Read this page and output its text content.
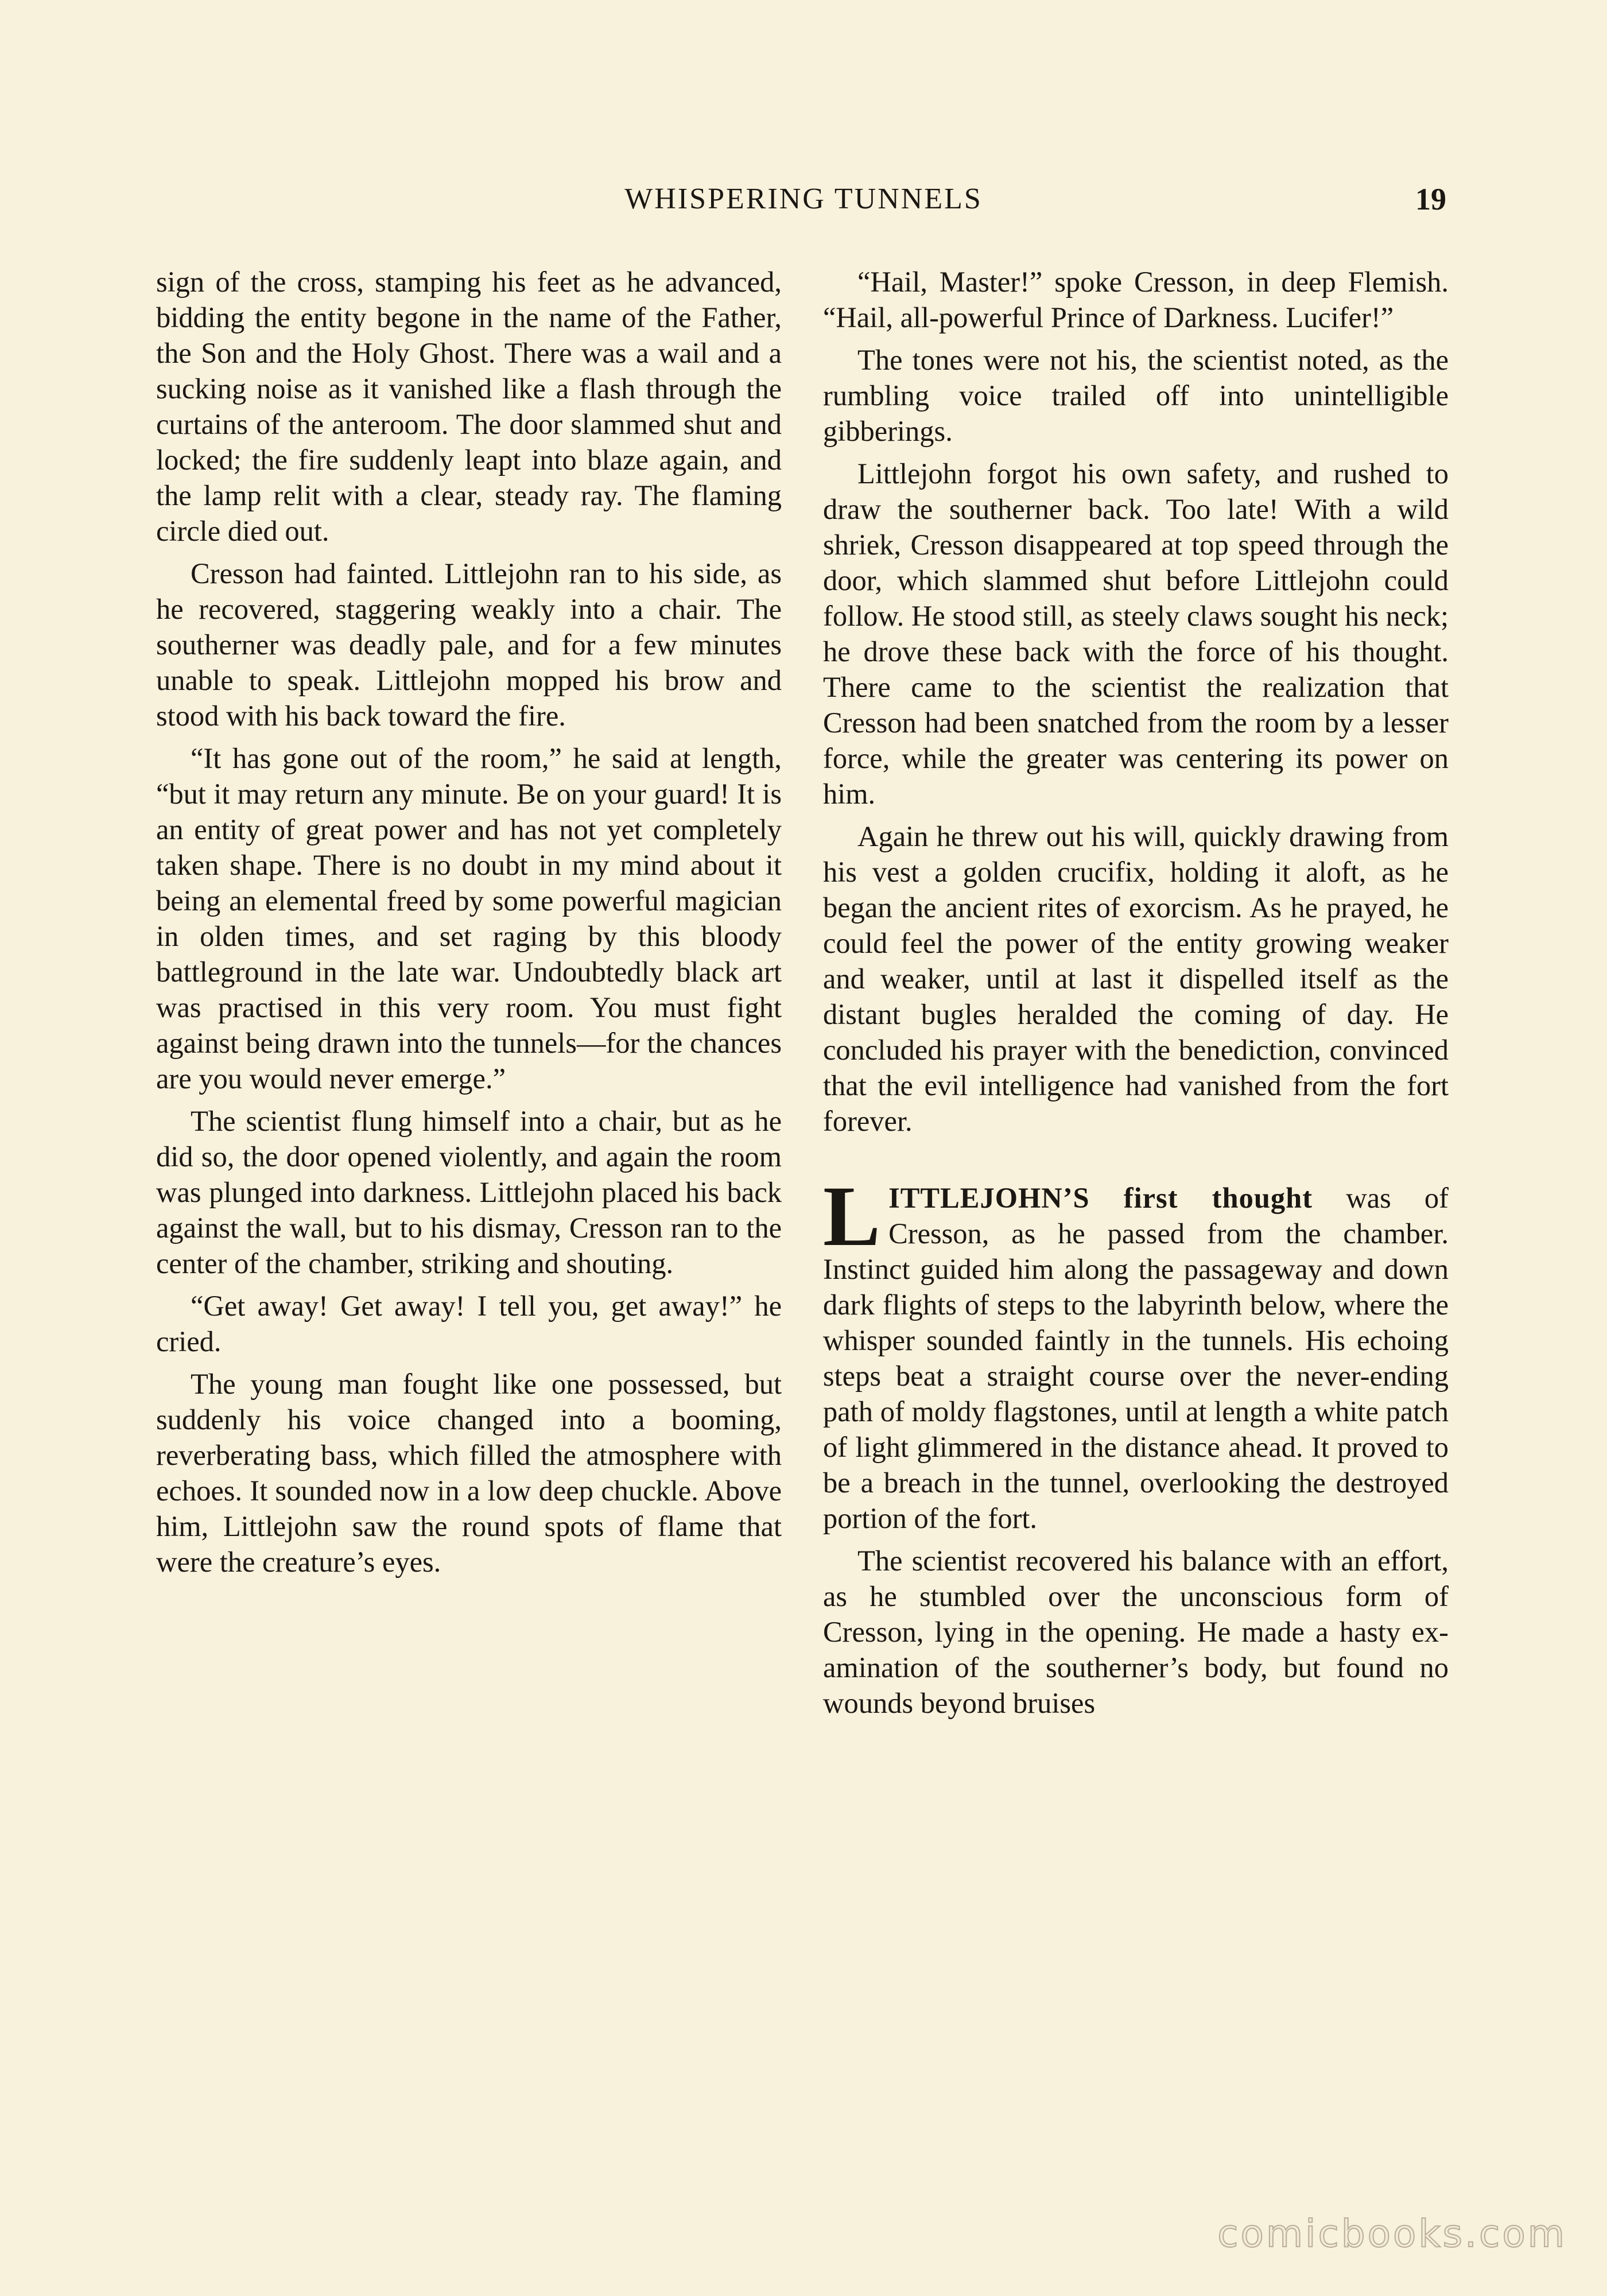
WHISPERING TUNNELS	19

sign of the cross, stamping his feet as he advanced, bidding the entity begone in the name of the Father, the Son and the Holy Ghost. There was a wail and a sucking noise as it vanished like a flash through the curtains of the anteroom. The door slammed shut and locked; the fire suddenly leapt into blaze again, and the lamp relit with a clear, steady ray. The flaming circle died out.

Cresson had fainted. Littlejohn ran to his side, as he recovered, staggering weakly into a chair. The southerner was deadly pale, and for a few minutes unable to speak. Littlejohn mopped his brow and stood with his back toward the fire.

“It has gone out of the room,” he said at length, “but it may return any minute. Be on your guard! It is an entity of great power and has not yet completely taken shape. There is no doubt in my mind about it being an elemental freed by some powerful magician in olden times, and set raging by this bloody battleground in the late war. Undoubtedly black art was practised in this very room. You must fight against being drawn into the tunnels—for the chances are you would never emerge.”

The scientist flung himself into a chair, but as he did so, the door opened violently, and again the room was plunged into darkness. Littlejohn placed his back against the wall, but to his dismay, Cresson ran to the center of the chamber, striking and shouting.

“Get away! Get away! I tell you, get away!” he cried.

The young man fought like one possessed, but suddenly his voice changed into a booming, reverberating bass, which filled the atmosphere with echoes. It sounded now in a low deep chuckle. Above him, Littlejohn saw the round spots of flame that were the creature’s eyes.

“Hail, Master!” spoke Cresson, in deep Flemish. “Hail, all-powerful Prince of Darkness. Lucifer!”

The tones were not his, the scientist noted, as the rumbling voice trailed off into unintelligible gibberings.

Littlejohn forgot his own safety, and rushed to draw the southerner back. Too late! With a wild shriek, Cresson disappeared at top speed through the door, which slammed shut before Littlejohn could follow. He stood still, as steely claws sought his neck; he drove these back with the force of his thought. There came to the scientist the realization that Cresson had been snatched from the room by a lesser force, while the greater was centering its power on him.

Again he threw out his will, quickly drawing from his vest a golden crucifix, holding it aloft, as he began the ancient rites of exorcism. As he prayed, he could feel the power of the entity growing weaker and weaker, until at last it dispelled itself as the distant bugles heralded the coming of day. He concluded his prayer with the benediction, convinced that the evil intelligence had vanished from the fort forever.

LITTLEJOHN’S first thought was of Cresson, as he passed from the chamber. Instinct guided him along the passageway and down dark flights of steps to the labyrinth below, where the whisper sounded faintly in the tunnels. His echoing steps beat a straight course over the never-ending path of moldy flagstones, until at length a white patch of light glimmered in the distance ahead. It proved to be a breach in the tunnel, overlooking the destroyed portion of the fort.

The scientist recovered his balance with an effort, as he stumbled over the unconscious form of Cresson, lying in the opening. He made a hasty examination of the southerner’s body, but found no wounds beyond bruises

comicbooks.com
